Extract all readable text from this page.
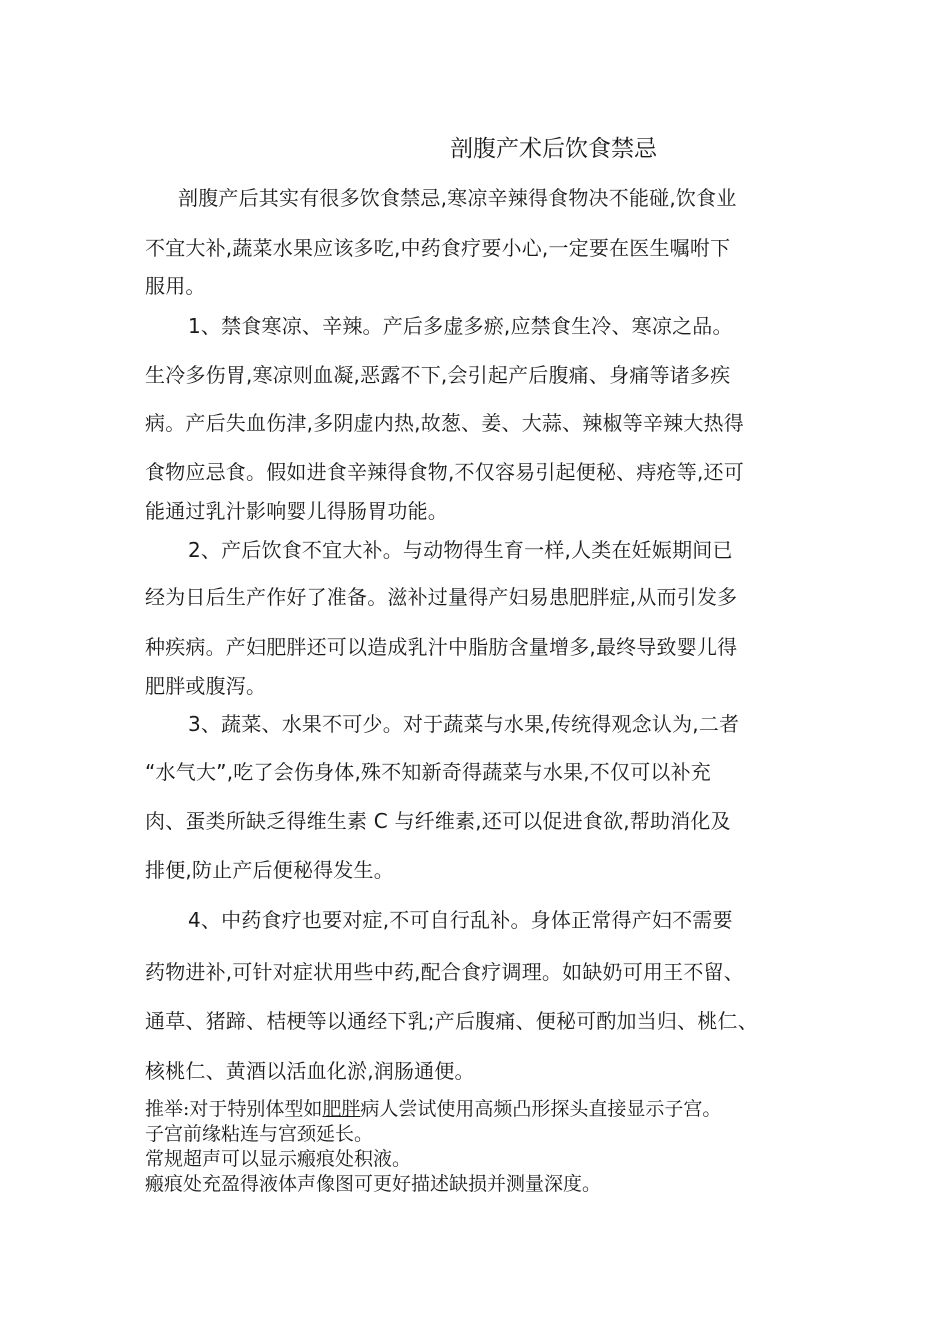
剖腹产术后饮食禁忌
剖腹产后其实有很多饮食禁忌,寒凉辛辣得食物决不能碰,饮食业
不宜大补,蔬菜水果应该多吃,中药食疗要小心,一定要在医生嘱咐下
服用。
1、禁食寒凉、辛辣。产后多虚多瘀,应禁食生冷、寒凉之品。
生冷多伤胃,寒凉则血凝,恶露不下,会引起产后腹痛、身痛等诸多疾
病。产后失血伤津,多阴虚内热,故葱、姜、大蒜、辣椒等辛辣大热得
食物应忌食。假如进食辛辣得食物,不仅容易引起便秘、痔疮等,还可
能通过乳汁影响婴儿得肠胃功能。
2、产后饮食不宜大补。与动物得生育一样,人类在妊娠期间已
经为日后生产作好了准备。滋补过量得产妇易患肥胖症,从而引发多
种疾病。产妇肥胖还可以造成乳汁中脂肪含量增多,最终导致婴儿得
肥胖或腹泻。
3、蔬菜、水果不可少。对于蔬菜与水果,传统得观念认为,二者
“水气大”,吃了会伤身体,殊不知新奇得蔬菜与水果,不仅可以补充
肉、蛋类所缺乏得维生素 C 与纤维素,还可以促进食欲,帮助消化及
排便,防止产后便秘得发生。
4、中药食疗也要对症,不可自行乱补。身体正常得产妇不需要
药物进补,可针对症状用些中药,配合食疗调理。如缺奶可用王不留、
通草、猪蹄、桔梗等以通经下乳;产后腹痛、便秘可酌加当归、桃仁、
核桃仁、黄酒以活血化淤,润肠通便。
推举:对于特别体型如肥胖病人尝试使用高频凸形探头直接显示子宫。
子宫前缘粘连与宫颈延长。
常规超声可以显示瘢痕处积液。
瘢痕处充盈得液体声像图可更好描述缺损并测量深度。
